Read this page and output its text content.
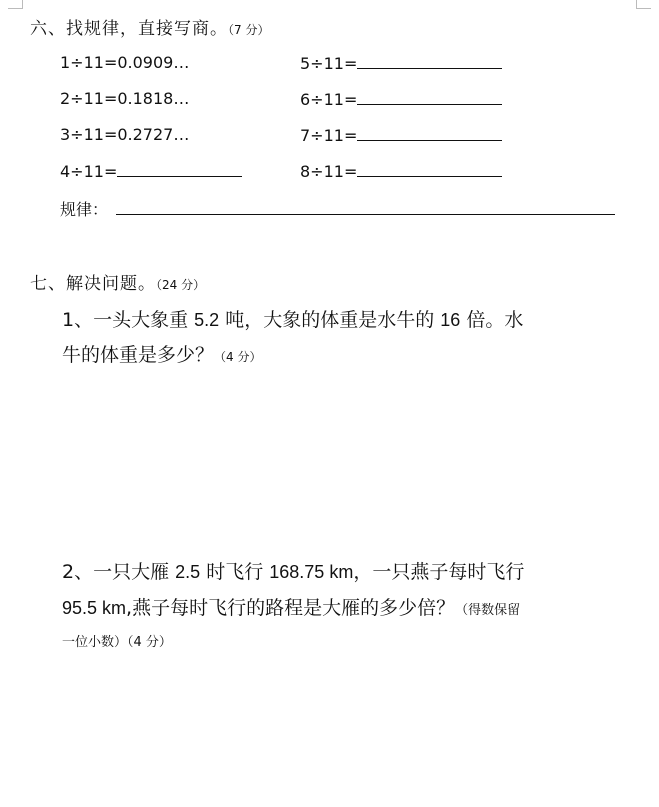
六、找规律，直接写商。（7 分）
1÷11=0.0909…
2÷11=0.1818…
3÷11=0.2727…
4÷11=
5÷11=
6÷11=
7÷11=
8÷11=
规律：
七、解决问题。（24 分）
1、一头大象重 5.2 吨，大象的体重是水牛的 16 倍。水
牛的体重是多少？（4 分）
2、一只大雁 2.5 时飞行 168.75 km，一只燕子每时飞行
95.5 km,燕子每时飞行的路程是大雁的多少倍？（得数保留
一位小数）（4 分）
